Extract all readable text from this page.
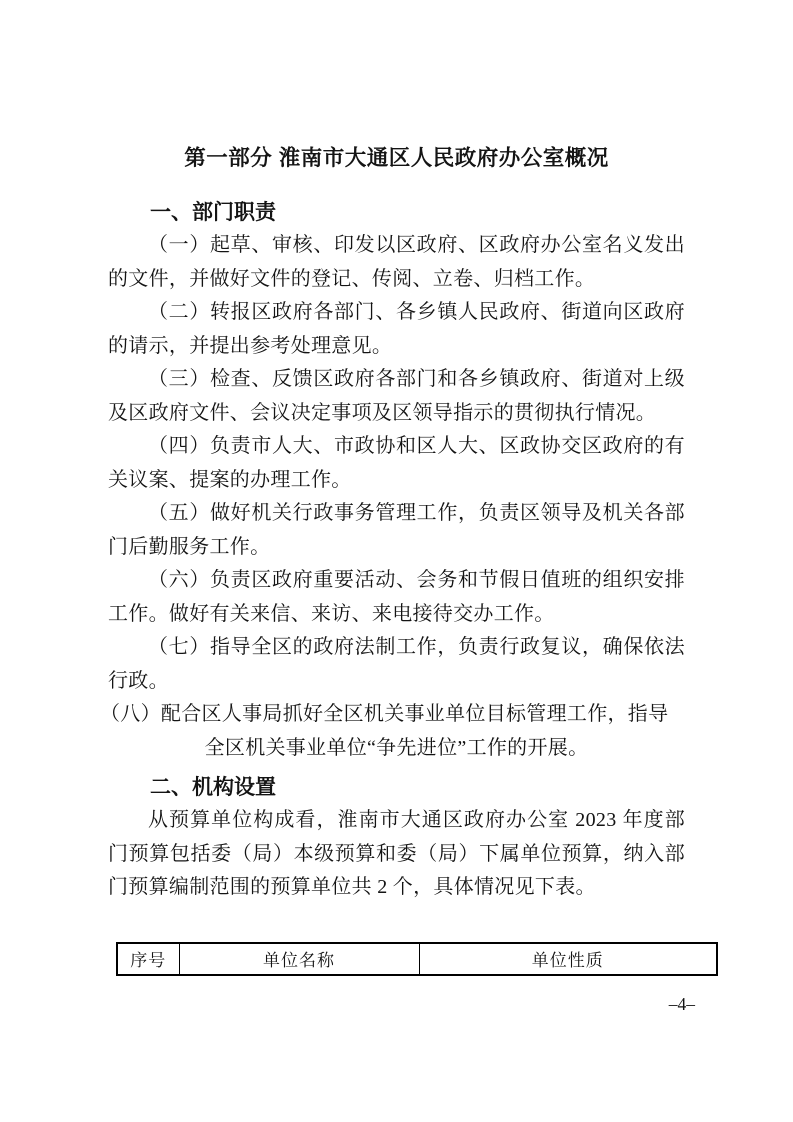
第一部分 淮南市大通区人民政府办公室概况
一、部门职责

（一）起草、审核、印发以区政府、区政府办公室名义发出的文件，并做好文件的登记、传阅、立卷、归档工作。

（二）转报区政府各部门、各乡镇人民政府、街道向区政府的请示，并提出参考处理意见。

（三）检查、反馈区政府各部门和各乡镇政府、街道对上级及区政府文件、会议决定事项及区领导指示的贯彻执行情况。

（四）负责市人大、市政协和区人大、区政协交区政府的有关议案、提案的办理工作。

（五）做好机关行政事务管理工作，负责区领导及机关各部门后勤服务工作。

（六）负责区政府重要活动、会务和节假日值班的组织安排工作。做好有关来信、来访、来电接待交办工作。

（七）指导全区的政府法制工作，负责行政复议，确保依法行政。

（八）配合区人事局抓好全区机关事业单位目标管理工作，指导

全区机关事业单位“争先进位”工作的开展。

二、机构设置

从预算单位构成看，淮南市大通区政府办公室 2023 年度部门预算包括委（局）本级预算和委（局）下属单位预算，纳入部门预算编制范围的预算单位共 2 个，具体情况见下表。

序号	单位名称	单位性质
–4–
